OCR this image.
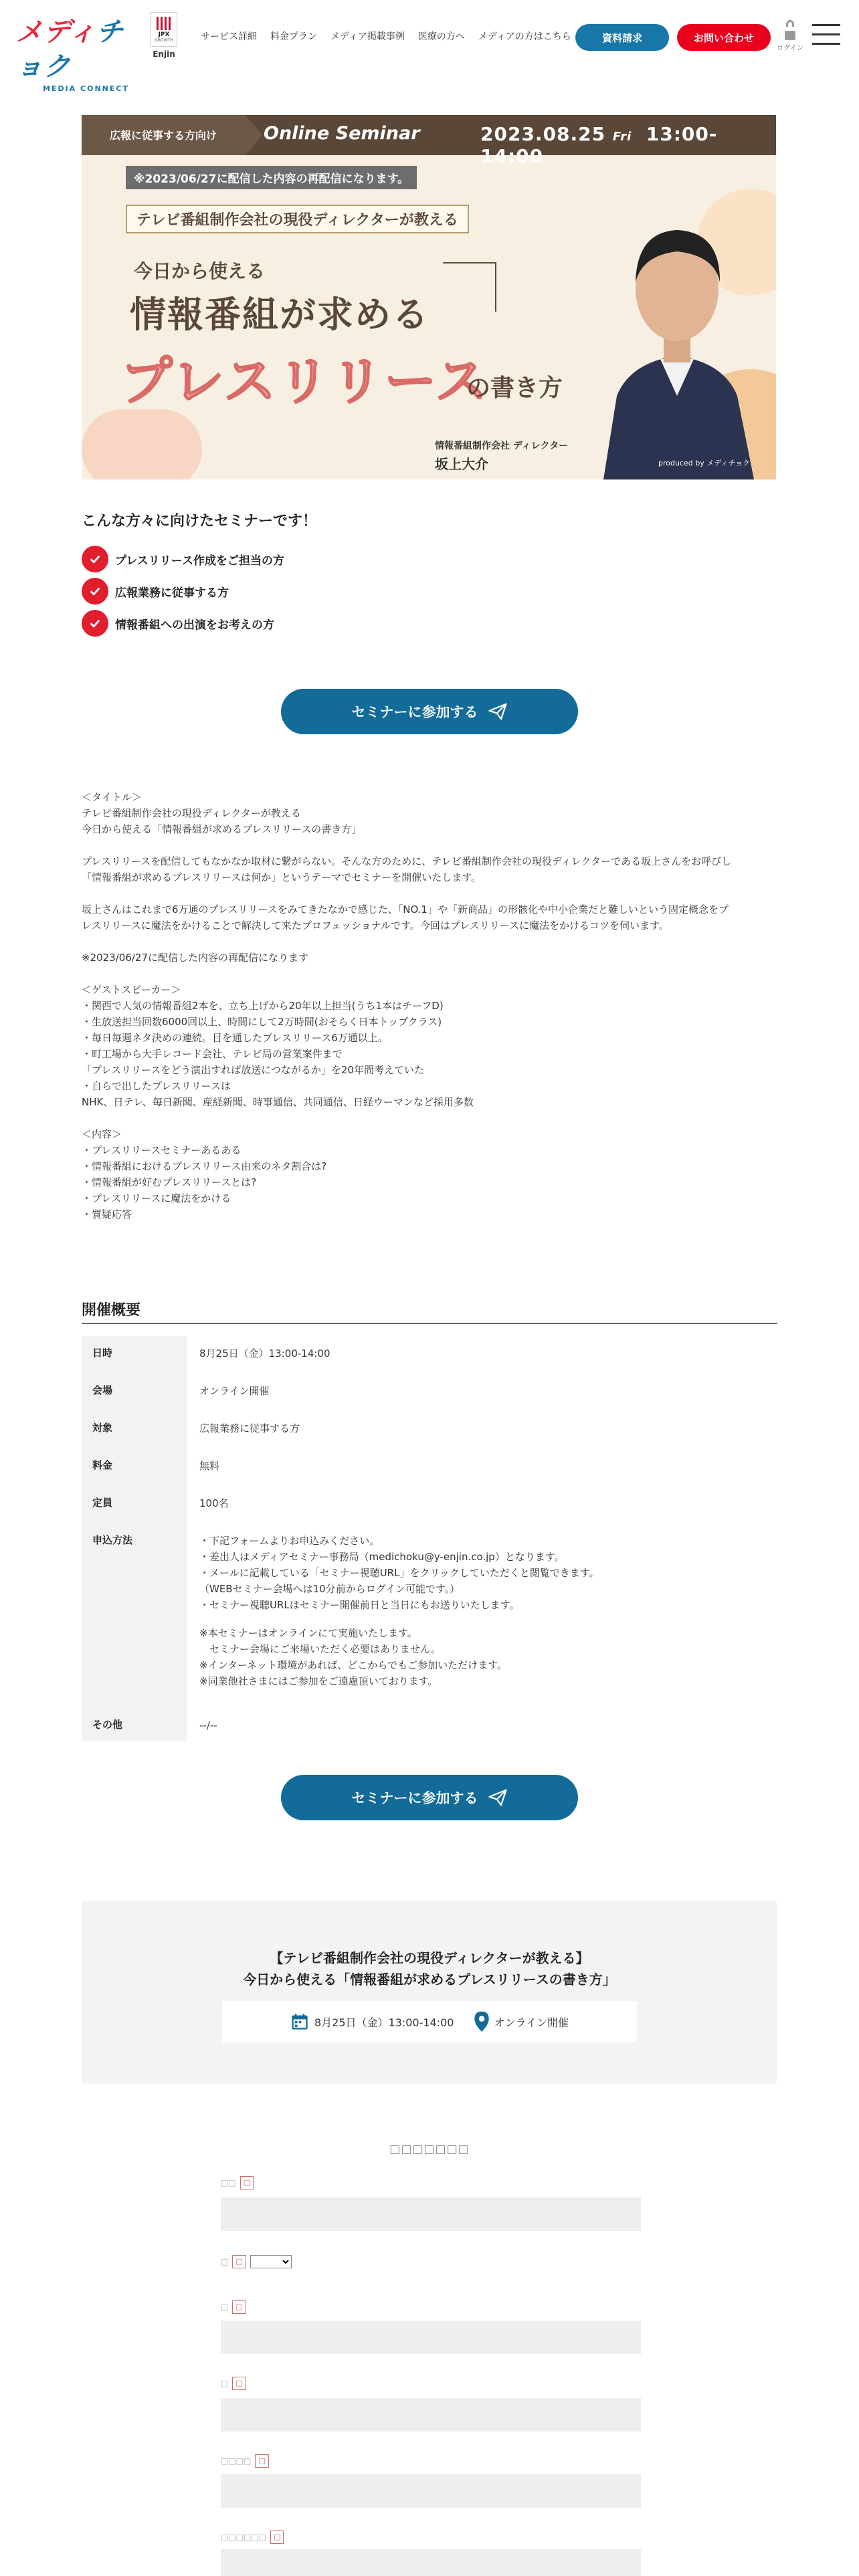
メディチョク
MEDIA CONNECT
JPX
GROWTH
Enjin
サービス詳細 料金プラン メディア掲載事例 医療の方へ メディアの方はこちら	資料請求	お問い合わせ
ログイン
広報に従事する方向け	Online Seminar	2023.08.25 Fri 13:00-14:00
※2023/06/27に配信した内容の再配信になります。
テレビ番組制作会社の現役ディレクターが教える
今日から使える
情報番組が求める
プレスリリース
の書き方
情報番組制作会社 ディレクター
坂上大介	produced by メディチョク
こんな方々に向けたセミナーです！
プレスリリース作成をご担当の方
広報業務に従事する方
情報番組への出演をお考えの方
セミナーに参加する

＜タイトル＞

テレビ番組制作会社の現役ディレクターが教える

今日から使える「情報番組が求めるプレスリリースの書き方」

プレスリリースを配信してもなかなか取材に繋がらない。そんな方のために、テレビ番組制作会社の現役ディレクターである坂上さんをお呼びし

「情報番組が求めるプレスリリースは何か」というテーマでセミナーを開催いたします。

坂上さんはこれまで6万通のプレスリリースをみてきたなかで感じた、「NO.1」や「新商品」の形骸化や中小企業だと難しいという固定概念をプ

レスリリースに魔法をかけることで解決して来たプロフェッショナルです。今回はプレスリリースに魔法をかけるコツを伺います。

※2023/06/27に配信した内容の再配信になります

＜ゲストスピーカー＞

・関西で人気の情報番組2本を、立ち上げから20年以上担当(うち1本はチーフD)

・生放送担当回数6000回以上、時間にして2万時間(おそらく日本トップクラス)

・毎日毎週ネタ決めの連続。目を通したプレスリリース6万通以上。

・町工場から大手レコード会社、テレビ局の営業案件まで

「プレスリリースをどう演出すれば放送につながるか」を20年間考えていた

・自らで出したプレスリリースは

NHK、日テレ、毎日新聞、産経新聞、時事通信、共同通信、日経ウーマンなど採用多数

＜内容＞

・プレスリリースセミナーあるある

・情報番組におけるプレスリリース由来のネタ割合は?

・情報番組が好むプレスリリースとは?

・プレスリリースに魔法をかける

・質疑応答

開催概要
日時	8月25日（金）13:00-14:00
会場	オンライン開催
対象	広報業務に従事する方
料金	無料
定員	100名
申込方法	・下記フォームよりお申込みください。

・差出人はメディアセミナー事務局（medichoku@y-enjin.co.jp）となります。

・メールに記載している「セミナー視聴URL」をクリックしていただくと閲覧できます。

（WEBセミナー会場へは10分前からログイン可能です。）

・セミナー視聴URLはセミナー開催前日と当日にもお送りいたします。

※本セミナーはオンラインにて実施いたします。

　セミナー会場にご来場いただく必要はありません。

※インターネット環境があれば、どこからでもご参加いただけます。

※同業他社さまにはご参加をご遠慮頂いております。

その他	--/--
セミナーに参加する
【テレビ番組制作会社の現役ディレクターが教える】
今日から使える「情報番組が求めるプレスリリースの書き方」
8月25日（金）13:00-14:00	オンライン開催
□□□□□□□
□□	□
□	□
□	□
□	□
□□□□	□
□□□□□□	□
